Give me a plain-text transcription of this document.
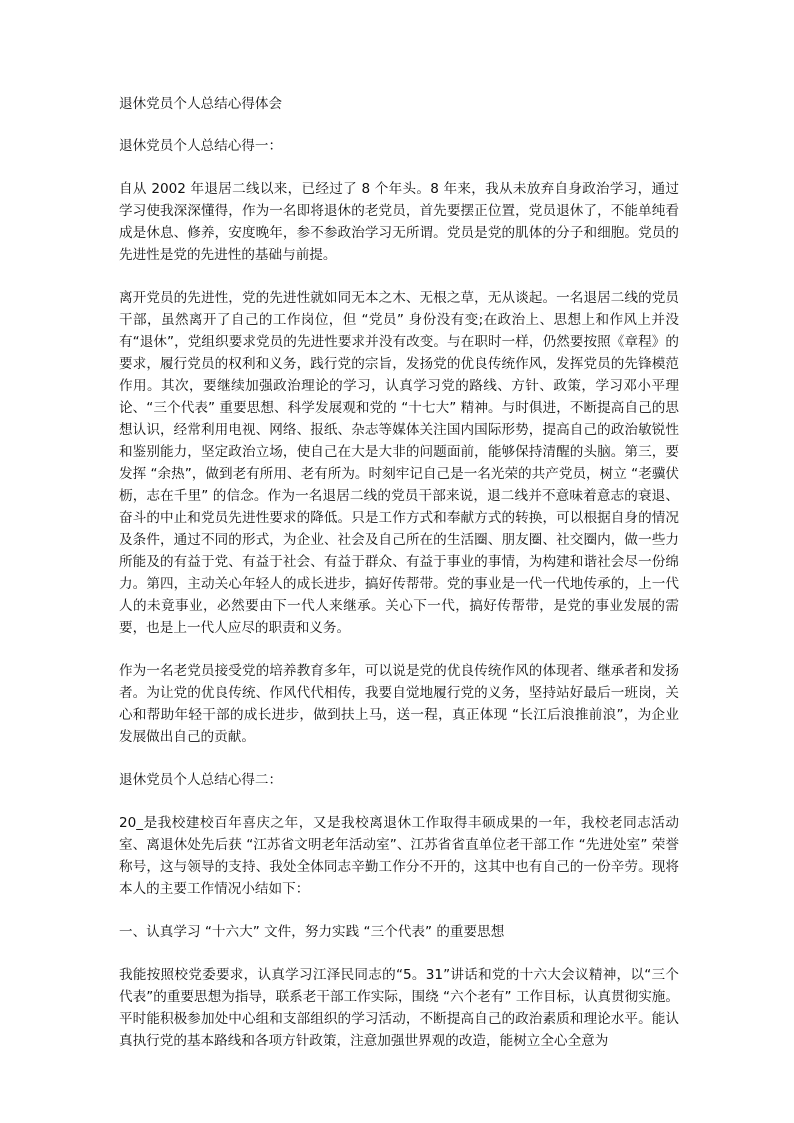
退休党员个人总结心得体会

退休党员个人总结心得一：

自从 2002 年退居二线以来，已经过了 8 个年头。8 年来，我从未放弃自身政治学习，通过学习使我深深懂得，作为一名即将退休的老党员，首先要摆正位置，党员退休了，不能单纯看成是休息、修养，安度晚年，参不参政治学习无所谓。党员是党的肌体的分子和细胞。党员的先进性是党的先进性的基础与前提。

离开党员的先进性，党的先进性就如同无本之木、无根之草，无从谈起。一名退居二线的党员干部，虽然离开了自己的工作岗位，但 “党员” 身份没有变;在政治上、思想上和作风上并没有“退休”，党组织要求党员的先进性要求并没有改变。与在职时一样，仍然要按照《章程》的要求，履行党员的权利和义务，践行党的宗旨，发扬党的优良传统作风，发挥党员的先锋模范作用。其次，要继续加强政治理论的学习，认真学习党的路线、方针、政策，学习邓小平理论、“三个代表” 重要思想、科学发展观和党的 “十七大” 精神。与时俱进，不断提高自己的思想认识，经常利用电视、网络、报纸、杂志等媒体关注国内国际形势，提高自己的政治敏锐性和鉴别能力，坚定政治立场，使自己在大是大非的问题面前，能够保持清醒的头脑。第三，要发挥 “余热”，做到老有所用、老有所为。时刻牢记自己是一名光荣的共产党员，树立 “老骥伏枥，志在千里” 的信念。作为一名退居二线的党员干部来说，退二线并不意味着意志的衰退、奋斗的中止和党员先进性要求的降低。只是工作方式和奉献方式的转换，可以根据自身的情况及条件，通过不同的形式，为企业、社会及自己所在的生活圈、朋友圈、社交圈内，做一些力所能及的有益于党、有益于社会、有益于群众、有益于事业的事情，为构建和谐社会尽一份绵力。第四，主动关心年轻人的成长进步，搞好传帮带。党的事业是一代一代地传承的，上一代人的未竟事业，必然要由下一代人来继承。关心下一代，搞好传帮带，是党的事业发展的需要，也是上一代人应尽的职责和义务。

作为一名老党员接受党的培养教育多年，可以说是党的优良传统作风的体现者、继承者和发扬者。为让党的优良传统、作风代代相传，我要自觉地履行党的义务，坚持站好最后一班岗，关心和帮助年轻干部的成长进步，做到扶上马，送一程，真正体现 “长江后浪推前浪”，为企业发展做出自己的贡献。

退休党员个人总结心得二：

20_是我校建校百年喜庆之年，又是我校离退休工作取得丰硕成果的一年，我校老同志活动室、离退休处先后获 “江苏省文明老年活动室”、江苏省省直单位老干部工作 “先进处室” 荣誉称号，这与领导的支持、我处全体同志辛勤工作分不开的，这其中也有自己的一份辛劳。现将本人的主要工作情况小结如下：

一、认真学习 “十六大” 文件，努力实践 “三个代表” 的重要思想

我能按照校党委要求，认真学习江泽民同志的“5。31”讲话和党的十六大会议精神，以“三个代表”的重要思想为指导，联系老干部工作实际，围绕 “六个老有” 工作目标，认真贯彻实施。平时能积极参加处中心组和支部组织的学习活动，不断提高自己的政治素质和理论水平。能认真执行党的基本路线和各项方针政策，注意加强世界观的改造，能树立全心全意为
